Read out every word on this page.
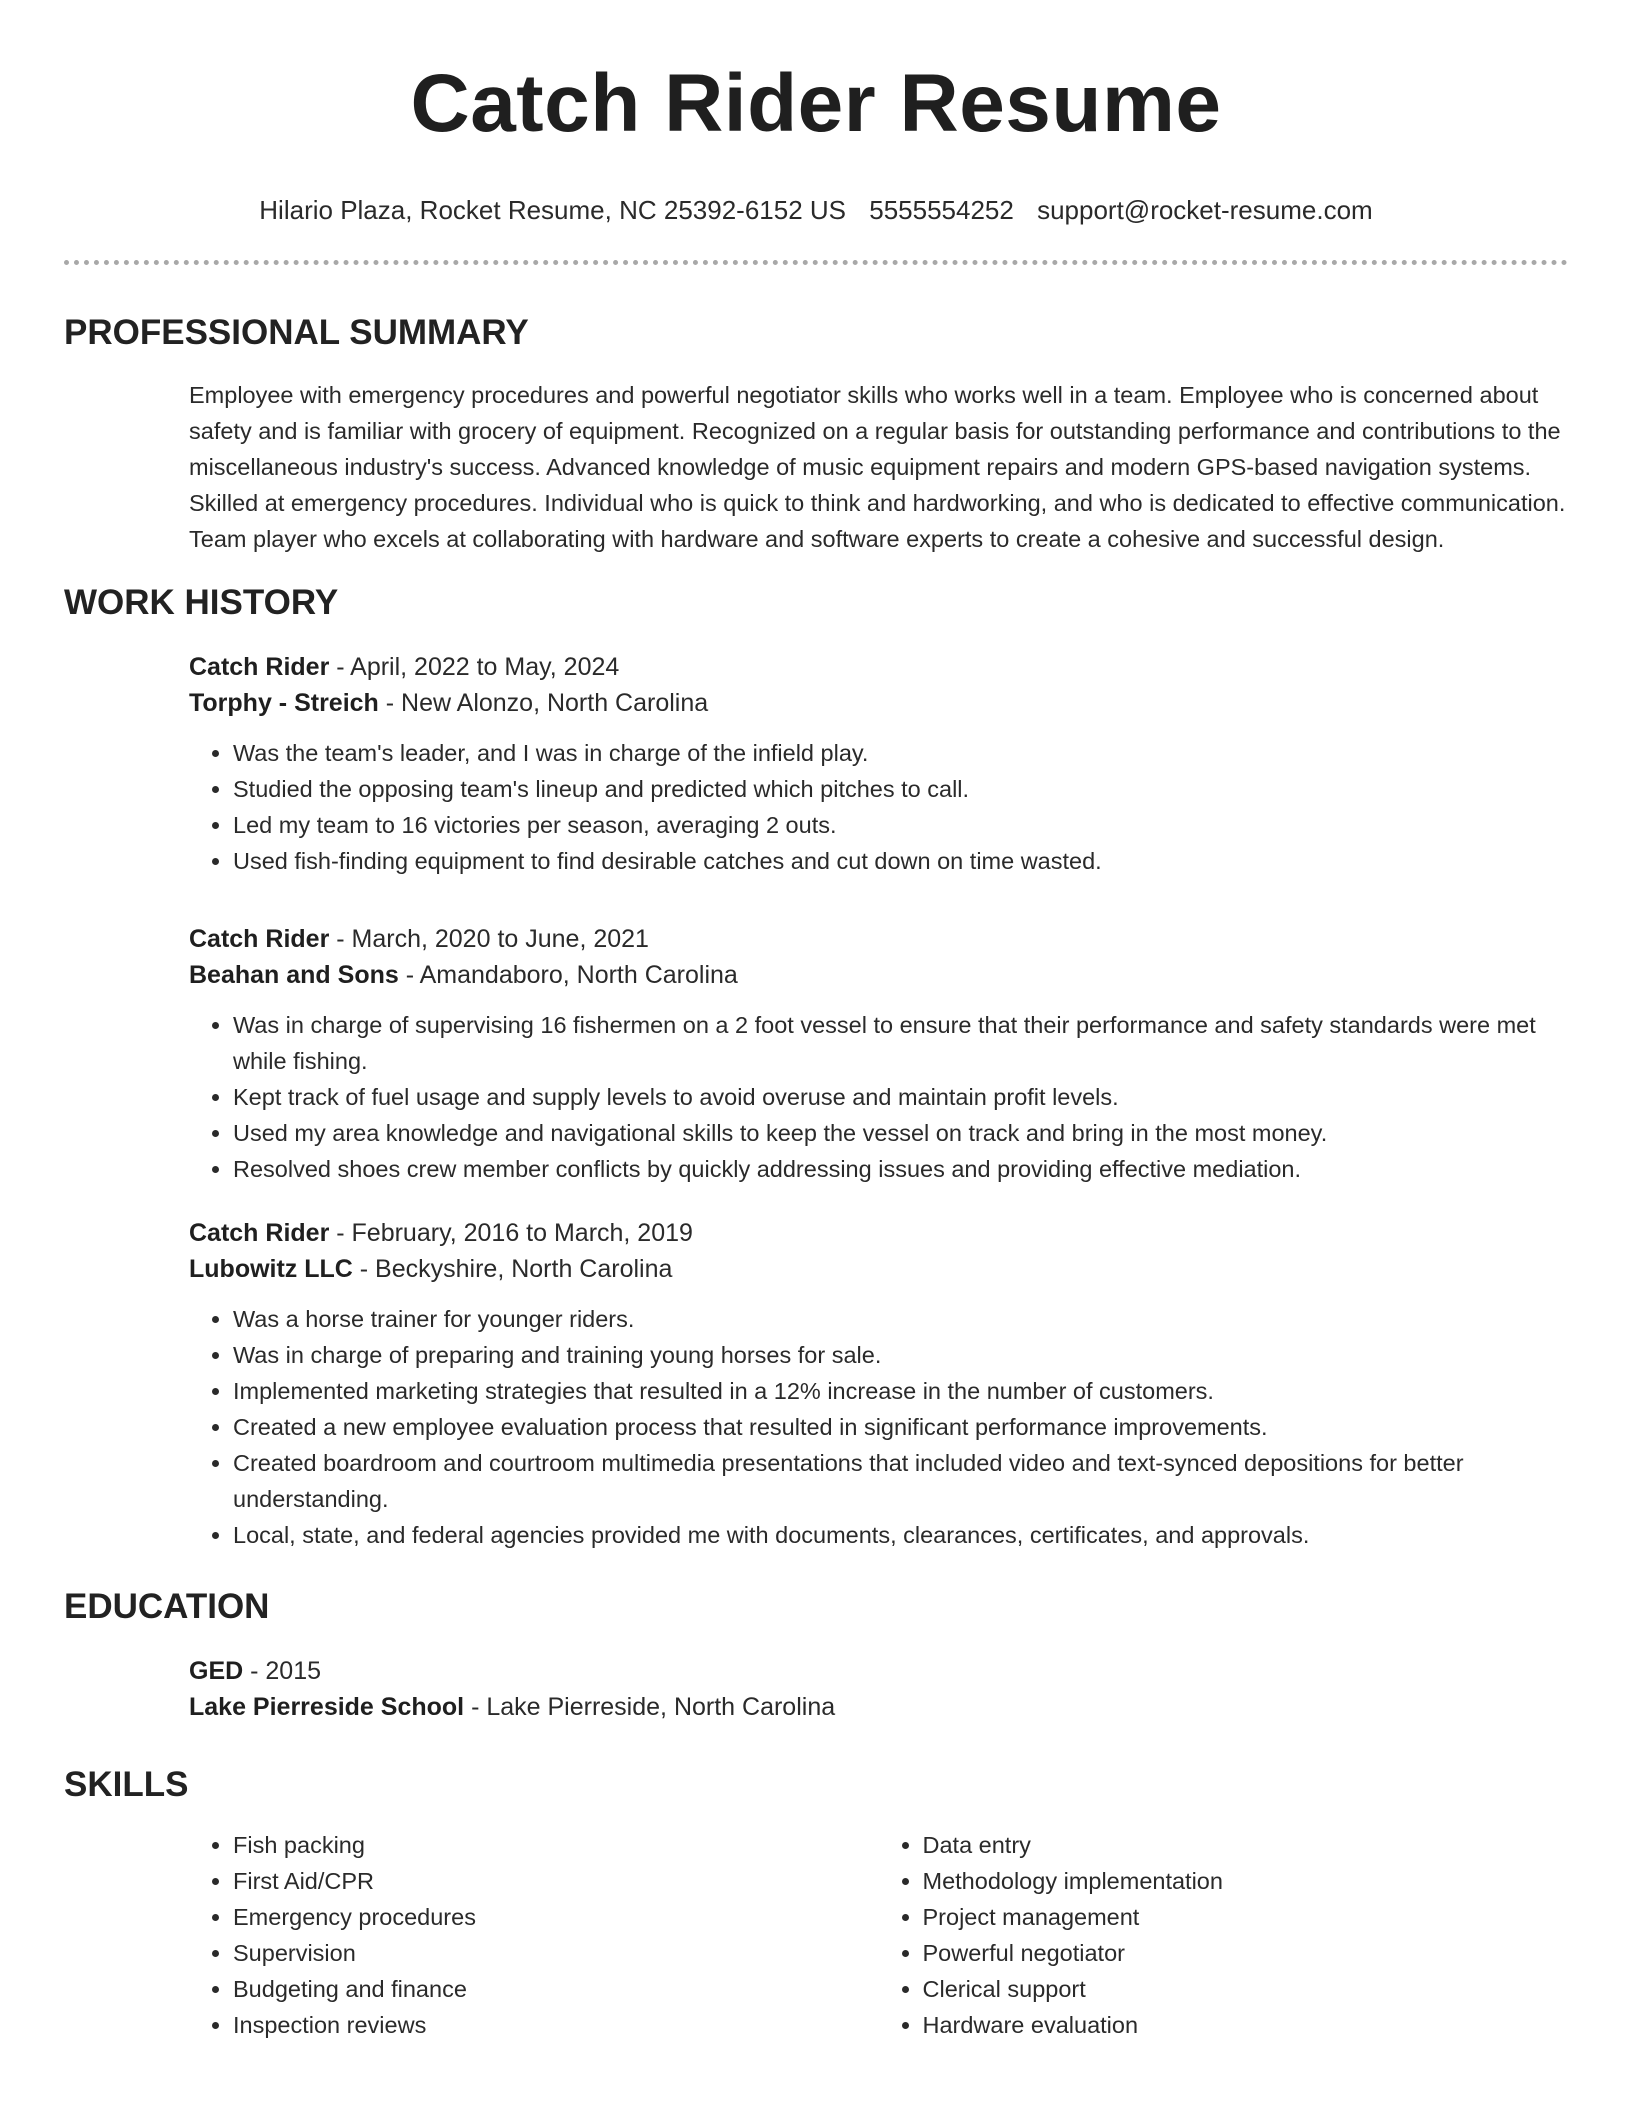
Catch Rider Resume
Hilario Plaza, Rocket Resume, NC 25392-6152 US 5555554252 support@rocket-resume.com
PROFESSIONAL SUMMARY
Employee with emergency procedures and powerful negotiator skills who works well in a team. Employee who is concerned about safety and is familiar with grocery of equipment. Recognized on a regular basis for outstanding performance and contributions to the miscellaneous industry's success. Advanced knowledge of music equipment repairs and modern GPS-based navigation systems. Skilled at emergency procedures. Individual who is quick to think and hardworking, and who is dedicated to effective communication. Team player who excels at collaborating with hardware and software experts to create a cohesive and successful design.
WORK HISTORY
Catch Rider - April, 2022 to May, 2024
Torphy - Streich - New Alonzo, North Carolina
• Was the team's leader, and I was in charge of the infield play.
• Studied the opposing team's lineup and predicted which pitches to call.
• Led my team to 16 victories per season, averaging 2 outs.
• Used fish-finding equipment to find desirable catches and cut down on time wasted.
Catch Rider - March, 2020 to June, 2021
Beahan and Sons - Amandaboro, North Carolina
• Was in charge of supervising 16 fishermen on a 2 foot vessel to ensure that their performance and safety standards were met while fishing.
• Kept track of fuel usage and supply levels to avoid overuse and maintain profit levels.
• Used my area knowledge and navigational skills to keep the vessel on track and bring in the most money.
• Resolved shoes crew member conflicts by quickly addressing issues and providing effective mediation.
Catch Rider - February, 2016 to March, 2019
Lubowitz LLC - Beckyshire, North Carolina
• Was a horse trainer for younger riders.
• Was in charge of preparing and training young horses for sale.
• Implemented marketing strategies that resulted in a 12% increase in the number of customers.
• Created a new employee evaluation process that resulted in significant performance improvements.
• Created boardroom and courtroom multimedia presentations that included video and text-synced depositions for better understanding.
• Local, state, and federal agencies provided me with documents, clearances, certificates, and approvals.
EDUCATION
GED - 2015
Lake Pierreside School - Lake Pierreside, North Carolina
SKILLS
• Fish packing
• First Aid/CPR
• Emergency procedures
• Supervision
• Budgeting and finance
• Inspection reviews
• Data entry
• Methodology implementation
• Project management
• Powerful negotiator
• Clerical support
• Hardware evaluation
